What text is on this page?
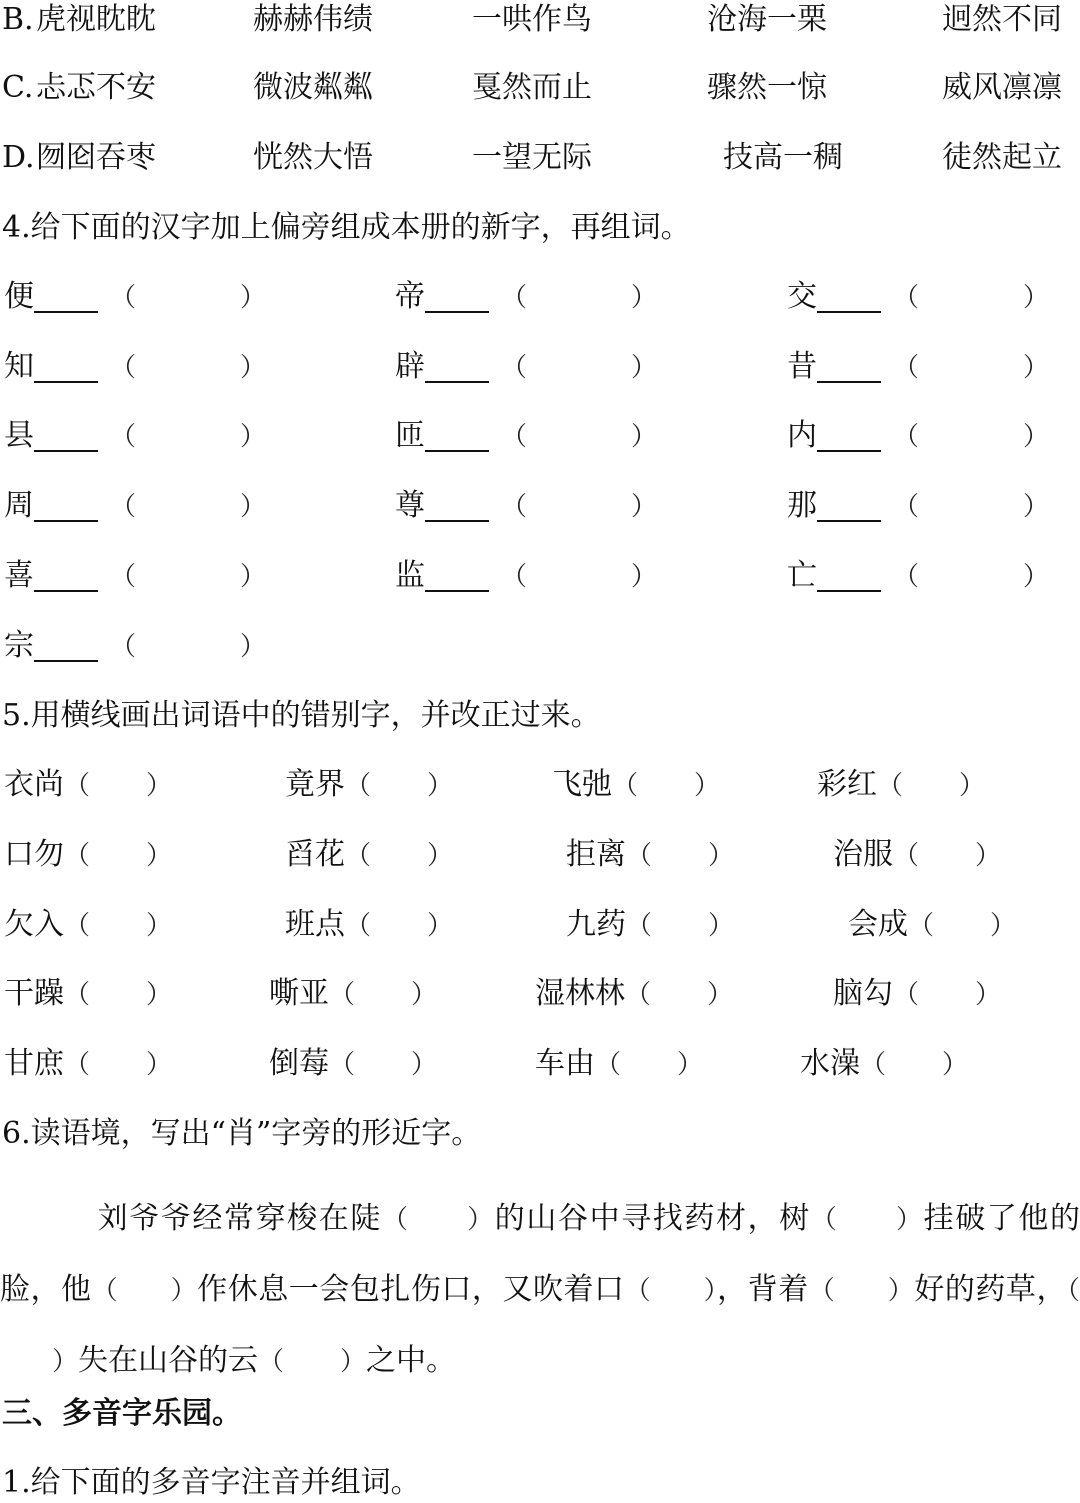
B. 虎视眈眈	赫赫伟绩	一哄作鸟	沧海一栗	迥然不同
C. 忐忑不安	微波粼粼	戛然而止	骤然一惊	威风凛凛
D. 囫囵吞枣	恍然大悟	一望无际	技高一稠	徒然起立
4.给下面的汉字加上偏旁组成本册的新字，再组词。
便	（	）	帝	（	）	交	（	）
知	（	）	辟	（	）	昔	（	）
县	（	）	匝	（	）	内	（	）
周	（	）	尊	（	）	那	（	）
喜	（	）	监	（	）	亡	（	）
宗	（	）
5.用横线画出词语中的错别字，并改正过来。
衣尚（ ）	竟界（ ）	飞弛（ ）	彩红（ ）
口勿（ ）	舀花（ ）	拒离（ ）	治服（ ）
欠入（ ）	班点（ ）	九药（ ）	会成（ ）
干躁（ ）	嘶亚（ ）	湿林林（ ）	脑勾（ ）
甘庶（ ）	倒莓（ ）	车由（ ）	水澡（ ）
6.读语境，写出“肖”字旁的形近字。
刘爷爷经常穿梭在陡（ ）的山谷中寻找药材，树（ ）挂破了他的脸，他（ ）作休息一会包扎伤口，又吹着口（ ），背着（ ）好的药草，（）失在山谷的云（ ）之中。
三、多音字乐园。
1.给下面的多音字注音并组词。
